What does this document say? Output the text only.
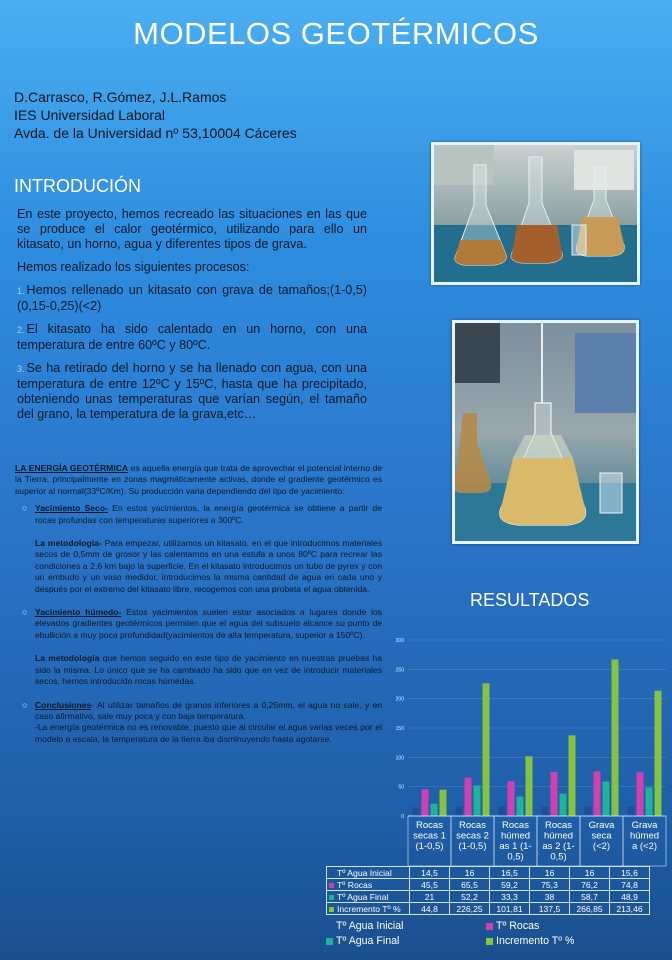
MODELOS GEOTÉRMICOS
D.Carrasco, R.Gómez, J.L.Ramos
IES Universidad Laboral
Avda. de la Universidad nº 53,10004 Cáceres
INTRODUCIÓN

En este proyecto, hemos recreado las situaciones en las que se produce el calor geotérmico, utilizando para ello un kitasato, un horno, agua y diferentes tipos de grava.

Hemos realizado los siguientes procesos:

1. Hemos rellenado un kitasato con grava de tamaños;(1-0,5)(0,15-0,25)(<2)
2. El kitasato ha sido calentado en un horno, con una temperatura de entre 60ºC y 80ºC.
3. Se ha retirado del horno y se ha llenado con agua, con una temperatura de entre 12ºC y 15ºC, hasta que ha precipitado, obteniendo unas temperaturas que varían según, el tamaño del grano, la temperatura de la grava,etc…

LA ENERGÍA GEOTÉRMICA es aquella energía que trata de aprovechar el potencial interno de la Tierra, principalmente en zonas magmáticamente activas, donde el gradiente geotérmico es superior al normal(33ºC/Km). Su producción varia dependiendo del tipo de yacimiento:

○ Yacimiento Seco- En estos yacimientos, la energía geotérmica se obtiene a partir de rocas profundas con temperaturas superiores a 300ºC.
La metodología- Para empezar, utilizamos un kitasato, en el que introducimos materiales secos de 0,5mm de grosor y las calentamos en una estufa a unos 80ºC para recrear las condiciones a 2,6 km bajo la superficie. En el kitasato introducimos un tubo de pyrex y con un embudo y un vaso medidor, introducimos la misma cantidad de agua en cada uno y después por el extremo del kitasato libre, recogemos con una probeta el agua obtenida.
○ Yacimiento húmedo- Estos yacimientos suelen estar asociados a lugares donde los elevados gradientes geotérmicos permiten que el agua del subsuelo alcance su punto de ebullición a muy poca profundidad(yacimientos de alta temperatura, superior a 150ºC).
La metodología que hemos seguido en este tipo de yacimiento en nuestras pruebas ha sido la misma. Lo único que se ha cambiado ha sido que en vez de introducir materiales secos, hemos introducido rocas húmedas.
○ Conclusiones- Al utilizar tamaños de granos inferiores a 0,25mm, el agua no sale, y en caso afirmativo, sale muy poca y con baja temperatura.
-La energía geotérmica no es renovable, puesto que al circular el agua varias veces por el modelo a escala, la temperatura de la tierra iba disminuyendo hasta agotarse.
RESULTADOS
0
50
100
150
200
250
300
Rocas
secas 1
(1-0,5)
Rocas
secas 2
(1-0,5)
Rocas
húmed
as 1 (1-
0,5)
Rocas
húmed
as 2 (1-
0,5)
Grava
seca
(<2)
Grava
húmed
a (<2)
Tº Agua Inicial	14,5	16	16,5	16	16	15,6
Tº Rocas	45,5	65,5	59,2	75,3	76,2	74,8
Tº Agua Final	21	52,2	33,3	38	58,7	48,9
Incremento Tº %	44,8	226,25	101,81	137,5	266,85	213,46
Tº Agua Inicial	Tº RocasTº Agua Final	Incremento Tº %
